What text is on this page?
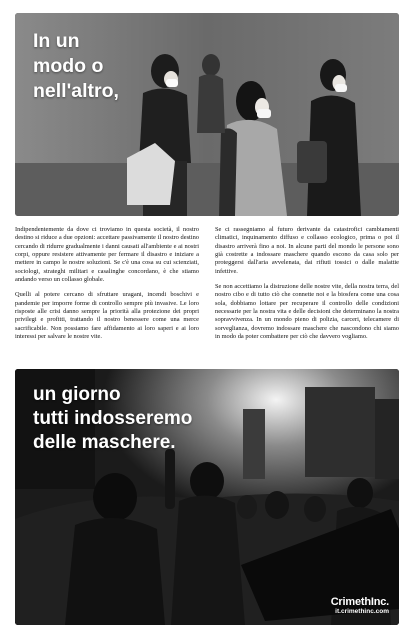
In un
modo o
nell'altro,

Indipendentemente da dove ci troviamo in questa società, il nostro destino si riduce a due opzioni: accettare passivamente il nostro destino cercando di ridurre gradualmente i danni causati all'ambiente e ai nostri corpi, oppure resistere attivamente per fermare il disastro e iniziare a mettere in campo le nostre soluzioni. Se c'è una cosa su cui scienziati, sociologi, strateghi militari e casalinghe concordano, è che stiamo andando verso un collasso globale.

Quelli al potere cercano di sfruttare uragani, incendi boschivi e pandemie per imporre forme di controllo sempre più invasive. Le loro risposte alle crisi danno sempre la priorità alla protezione dei propri privilegi e profitti, trattando il nostro benessere come una merce sacrificabile. Non possiamo fare affidamento ai loro saperi e ai loro interessi per salvare le nostre vite.

Se ci rassegniamo al futuro derivante da catastrofici cambiamenti climatici, inquinamento diffuso e collasso ecologico, prima o poi il disastro arriverà fino a noi. In alcune parti del mondo le persone sono già costrette a indossare maschere quando escono da casa solo per proteggersi dall'aria avvelenata, dai rifiuti tossici o dalle malattie infettive.

Se non accettiamo la distruzione delle nostre vite, della nostra terra, del nostro cibo e di tutto ciò che connette noi e la biosfera come una cosa sola, dobbiamo lottare per recuperare il controllo delle condizioni necessarie per la nostra vita e delle decisioni che determinano la nostra sopravvivenza. In un mondo pieno di polizia, carceri, telecamere di sorveglianza, dovremo indossare maschere che nascondono chi siamo in modo da poter combattere per ciò che davvero vogliamo.

un giorno
tutti indosseremo
delle maschere.
CrimethInc.
it.crimethinc.com
